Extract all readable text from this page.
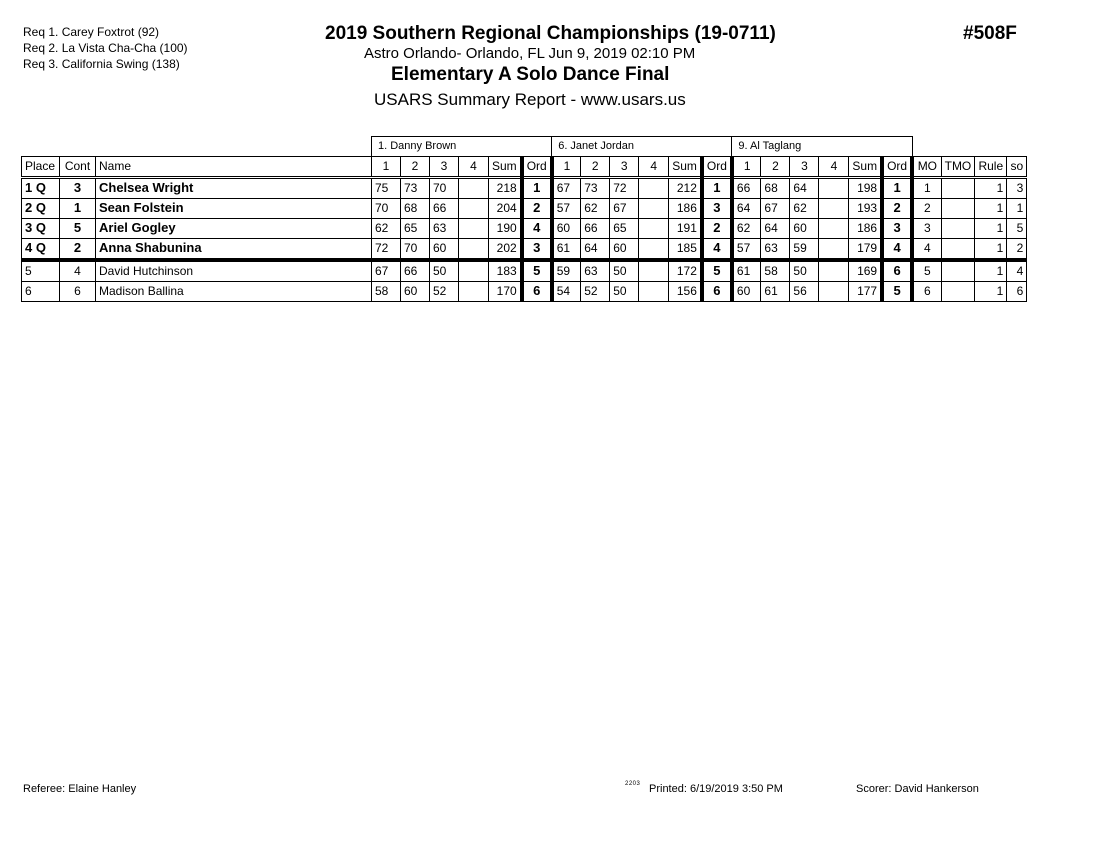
Req 1. Carey Foxtrot (92)
Req 2. La Vista Cha-Cha (100)
Req 3. California Swing (138)
2019 Southern Regional Championships (19-0711)
Astro Orlando- Orlando, FL Jun 9, 2019 02:10 PM
Elementary A Solo Dance Final
USARS Summary Report - www.usars.us
#508F
			1. Danny Brown						6. Janet Jordan						9. Al Taglang									
Place	Cont	Name	1	2	3	4	Sum	Ord	1	2	3	4	Sum	Ord	1	2	3	4	Sum	Ord	MO	TMO	Rule	so
1 Q	3	Chelsea Wright	75	73	70		218	1	67	73	72		212	1	66	68	64		198	1	1		1	3
2 Q	1	Sean Folstein	70	68	66		204	2	57	62	67		186	3	64	67	62		193	2	2		1	1
3 Q	5	Ariel Gogley	62	65	63		190	4	60	66	65		191	2	62	64	60		186	3	3		1	5
4 Q	2	Anna Shabunina	72	70	60		202	3	61	64	60		185	4	57	63	59		179	4	4		1	2
5	4	David Hutchinson	67	66	50		183	5	59	63	50		172	5	61	58	50		169	6	5		1	4
6	6	Madison Ballina	58	60	52		170	6	54	52	50		156	6	60	61	56		177	5	6		1	6
Referee: Elaine Hanley	2203 Printed: 6/19/2019 3:50 PM	Scorer: David Hankerson
